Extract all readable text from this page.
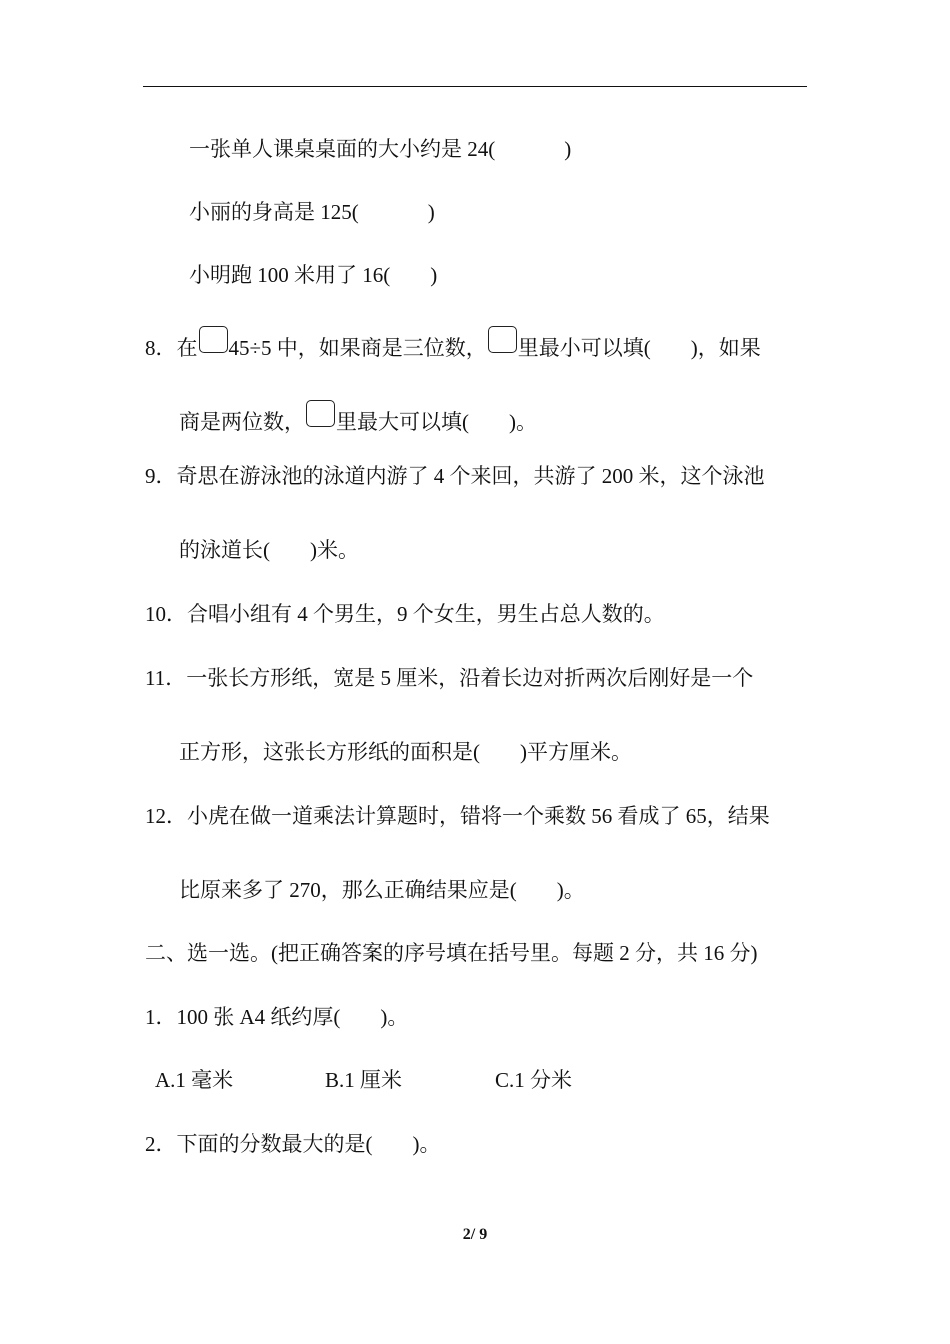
一张单人课桌桌面的大小约是 24(	)
小丽的身高是 125(	)
小明跑 100 米用了 16( )
8．在 45÷5 中，如果商是三位数， 里最小可以填( )，如果
商是两位数， 里最大可以填( )。
9．奇思在游泳池的泳道内游了 4 个来回，共游了 200 米，这个泳池
的泳道长( )米。
10．合唱小组有 4 个男生，9 个女生，男生占总人数的。
11．一张长方形纸，宽是 5 厘米，沿着长边对折两次后刚好是一个
正方形，这张长方形纸的面积是( )平方厘米。
12．小虎在做一道乘法计算题时，错将一个乘数 56 看成了 65，结果
比原来多了 270，那么正确结果应是( )。
二、选一选。(把正确答案的序号填在括号里。每题 2 分，共 16 分)
1．100 张 A4 纸约厚( )。
A.1 毫米	B.1 厘米	C.1 分米
2．下面的分数最大的是( )。
2/ 9
